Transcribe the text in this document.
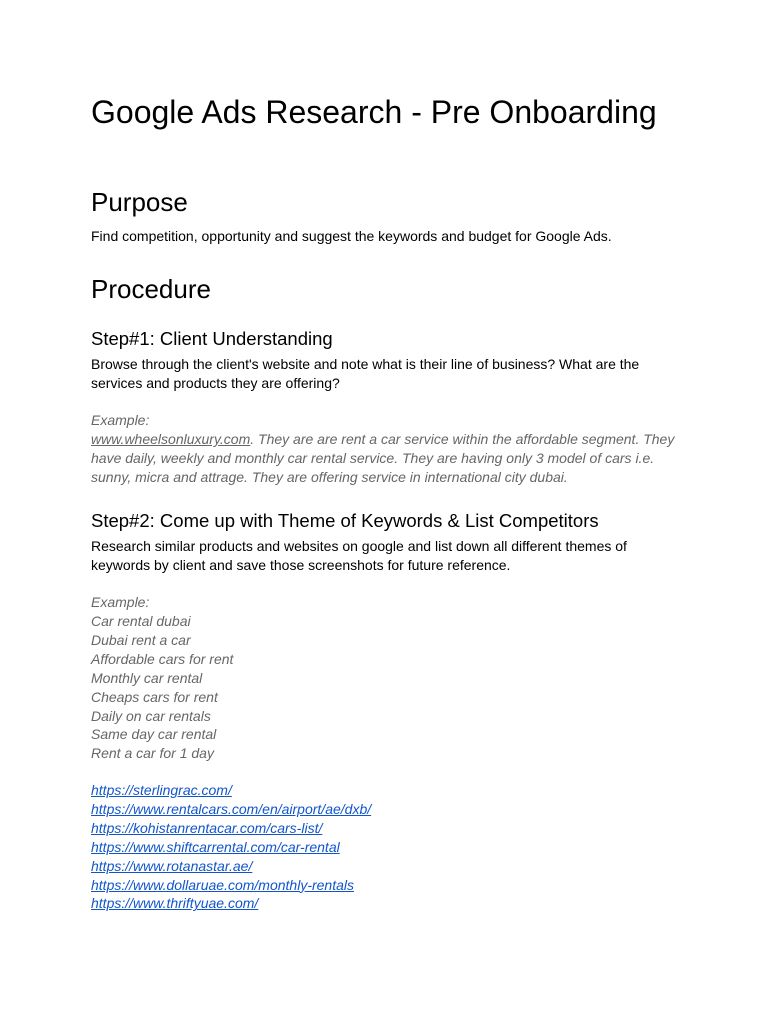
Google Ads Research - Pre Onboarding
Purpose

Find competition, opportunity and suggest the keywords and budget for Google Ads.

Procedure
Step#1: Client Understanding

Browse through the client's website and note what is their line of business? What are the services and products they are offering?

Example:
www.wheelsonluxury.com. They are are rent a car service within the affordable segment. They have daily, weekly and monthly car rental service. They are having only 3 model of cars i.e. sunny, micra and attrage. They are offering service in international city dubai.
Step#2: Come up with Theme of Keywords & List Competitors

Research similar products and websites on google and list down all different themes of keywords by client and save those screenshots for future reference.

Example:
Car rental dubai
Dubai rent a car
Affordable cars for rent
Monthly car rental
Cheaps cars for rent
Daily on car rentals
Same day car rental
Rent a car for 1 day
https://sterlingrac.com/
https://www.rentalcars.com/en/airport/ae/dxb/
https://kohistanrentacar.com/cars-list/
https://www.shiftcarrental.com/car-rental
https://www.rotanastar.ae/
https://www.dollaruae.com/monthly-rentals
https://www.thriftyuae.com/
